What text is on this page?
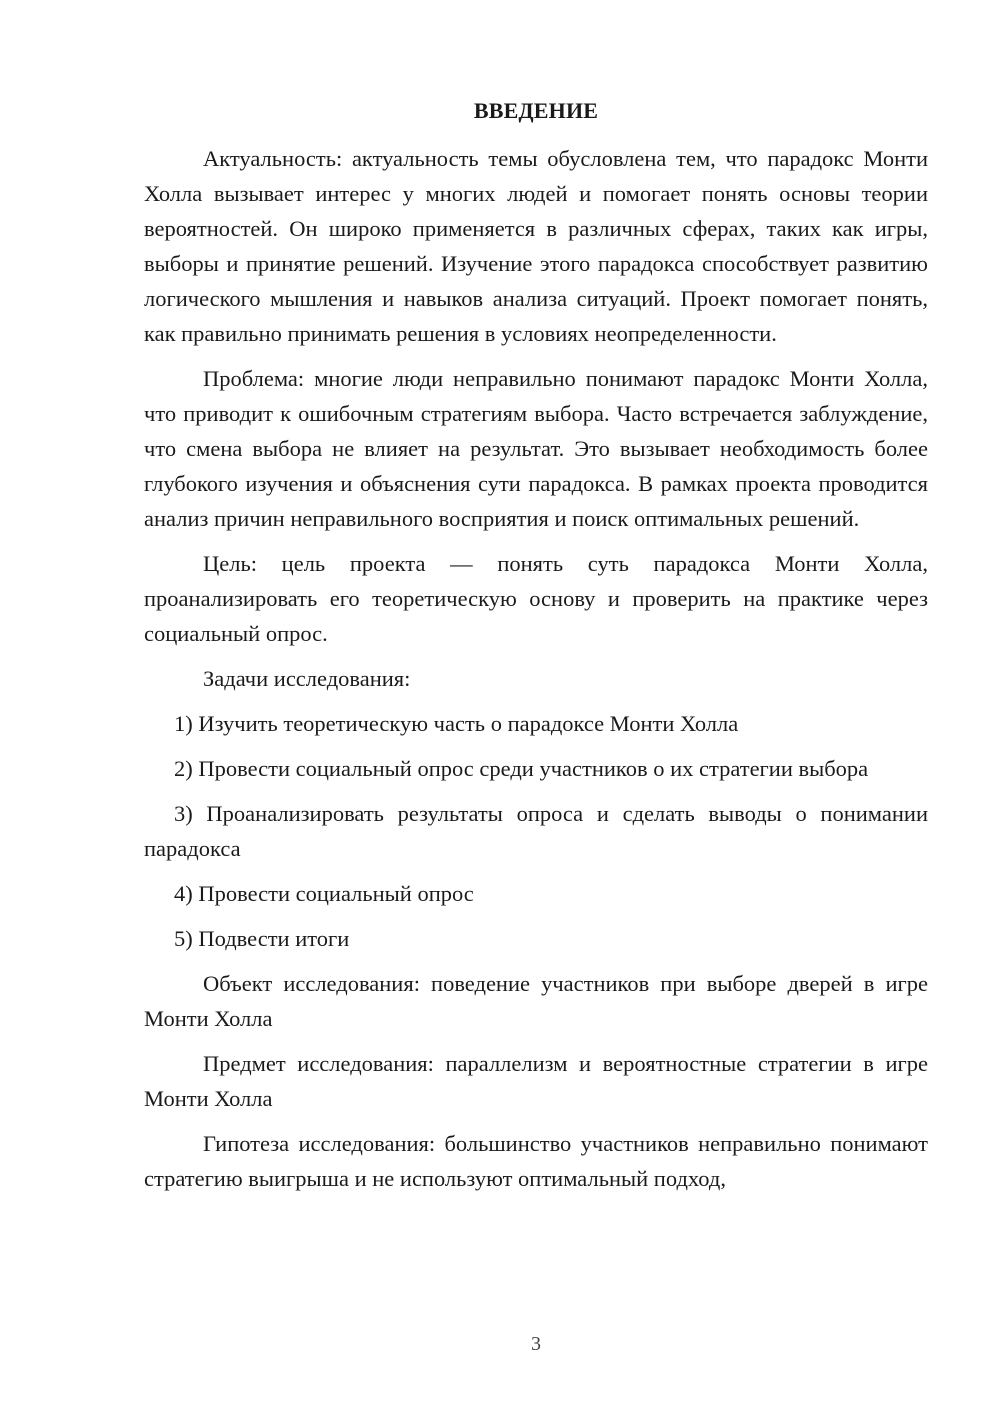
ВВЕДЕНИЕ

Актуальность: актуальность темы обусловлена тем, что парадокс Монти Холла вызывает интерес у многих людей и помогает понять основы теории вероятностей. Он широко применяется в различных сферах, таких как игры, выборы и принятие решений. Изучение этого парадокса способствует развитию логического мышления и навыков анализа ситуаций. Проект помогает понять, как правильно принимать решения в условиях неопределенности.

Проблема: многие люди неправильно понимают парадокс Монти Холла, что приводит к ошибочным стратегиям выбора. Часто встречается заблуждение, что смена выбора не влияет на результат. Это вызывает необходимость более глубокого изучения и объяснения сути парадокса. В рамках проекта проводится анализ причин неправильного восприятия и поиск оптимальных решений.

Цель: цель проекта — понять суть парадокса Монти Холла, проанализировать его теоретическую основу и проверить на практике через социальный опрос.

Задачи исследования:

1) Изучить теоретическую часть о парадоксе Монти Холла

2) Провести социальный опрос среди участников о их стратегии выбора

3) Проанализировать результаты опроса и сделать выводы о понимании парадокса

4) Провести социальный опрос

5) Подвести итоги

Объект исследования: поведение участников при выборе дверей в игре Монти Холла

Предмет исследования: параллелизм и вероятностные стратегии в игре Монти Холла

Гипотеза исследования: большинство участников неправильно понимают стратегию выигрыша и не используют оптимальный подход,

3
